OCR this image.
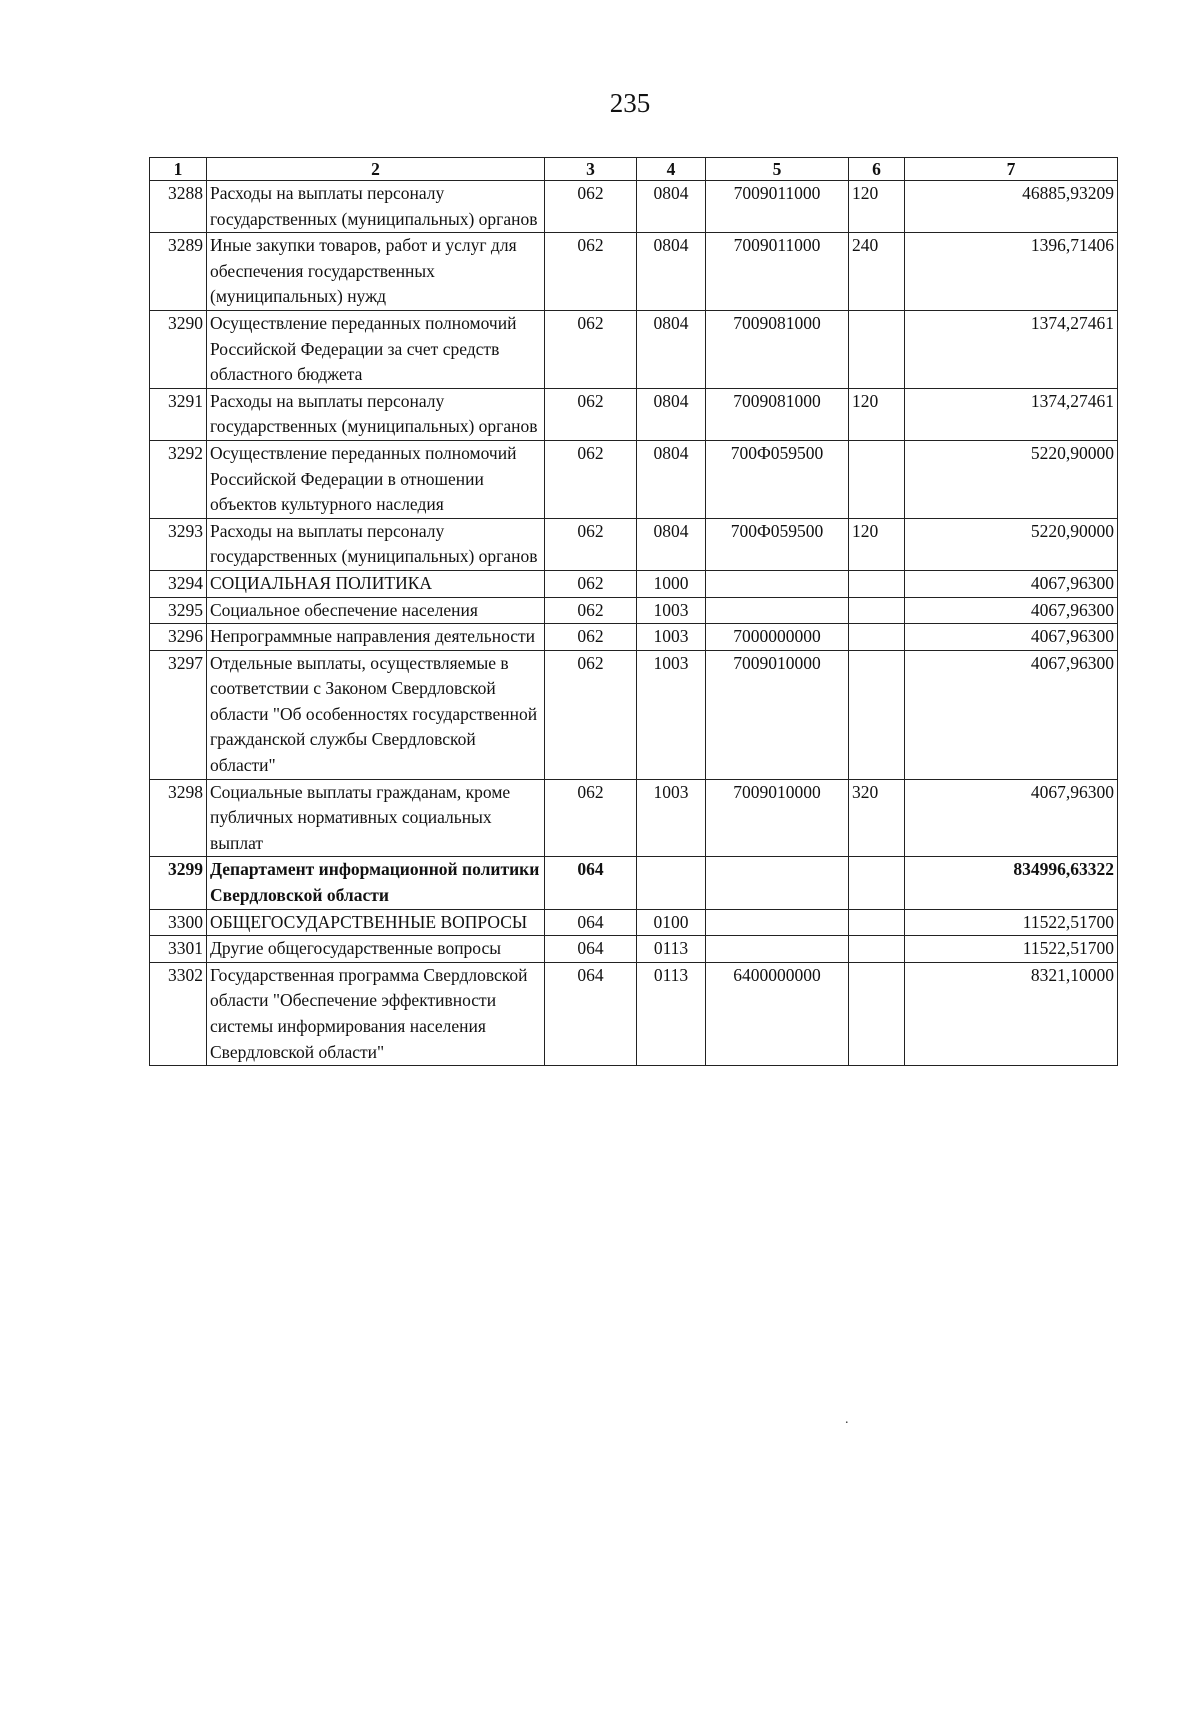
235
1	2	3	4	5	6	7
3288	Расходы на выплаты персоналу государственных (муниципальных) органов	062	0804	7009011000	120	46885,93209
3289	Иные закупки товаров, работ и услуг для обеспечения государственных (муниципальных) нужд	062	0804	7009011000	240	1396,71406
3290	Осуществление переданных полномочий Российской Федерации за счет средств областного бюджета	062	0804	7009081000		1374,27461
3291	Расходы на выплаты персоналу государственных (муниципальных) органов	062	0804	7009081000	120	1374,27461
3292	Осуществление переданных полномочий Российской Федерации в отношении объектов культурного наследия	062	0804	700Ф059500		5220,90000
3293	Расходы на выплаты персоналу государственных (муниципальных) органов	062	0804	700Ф059500	120	5220,90000
3294	СОЦИАЛЬНАЯ ПОЛИТИКА	062	1000			4067,96300
3295	Социальное обеспечение населения	062	1003			4067,96300
3296	Непрограммные направления деятельности	062	1003	7000000000		4067,96300
3297	Отдельные выплаты, осуществляемые в соответствии с Законом Свердловской области "Об особенностях государственной гражданской службы Свердловской области"	062	1003	7009010000		4067,96300
3298	Социальные выплаты гражданам, кроме публичных нормативных социальных выплат	062	1003	7009010000	320	4067,96300
3299	Департамент информационной политики Свердловской области	064				834996,63322
3300	ОБЩЕГОСУДАРСТВЕННЫЕ ВОПРОСЫ	064	0100			11522,51700
3301	Другие общегосударственные вопросы	064	0113			11522,51700
3302	Государственная программа Свердловской области "Обеспечение эффективности системы информирования населения Свердловской области"	064	0113	6400000000		8321,10000
.
